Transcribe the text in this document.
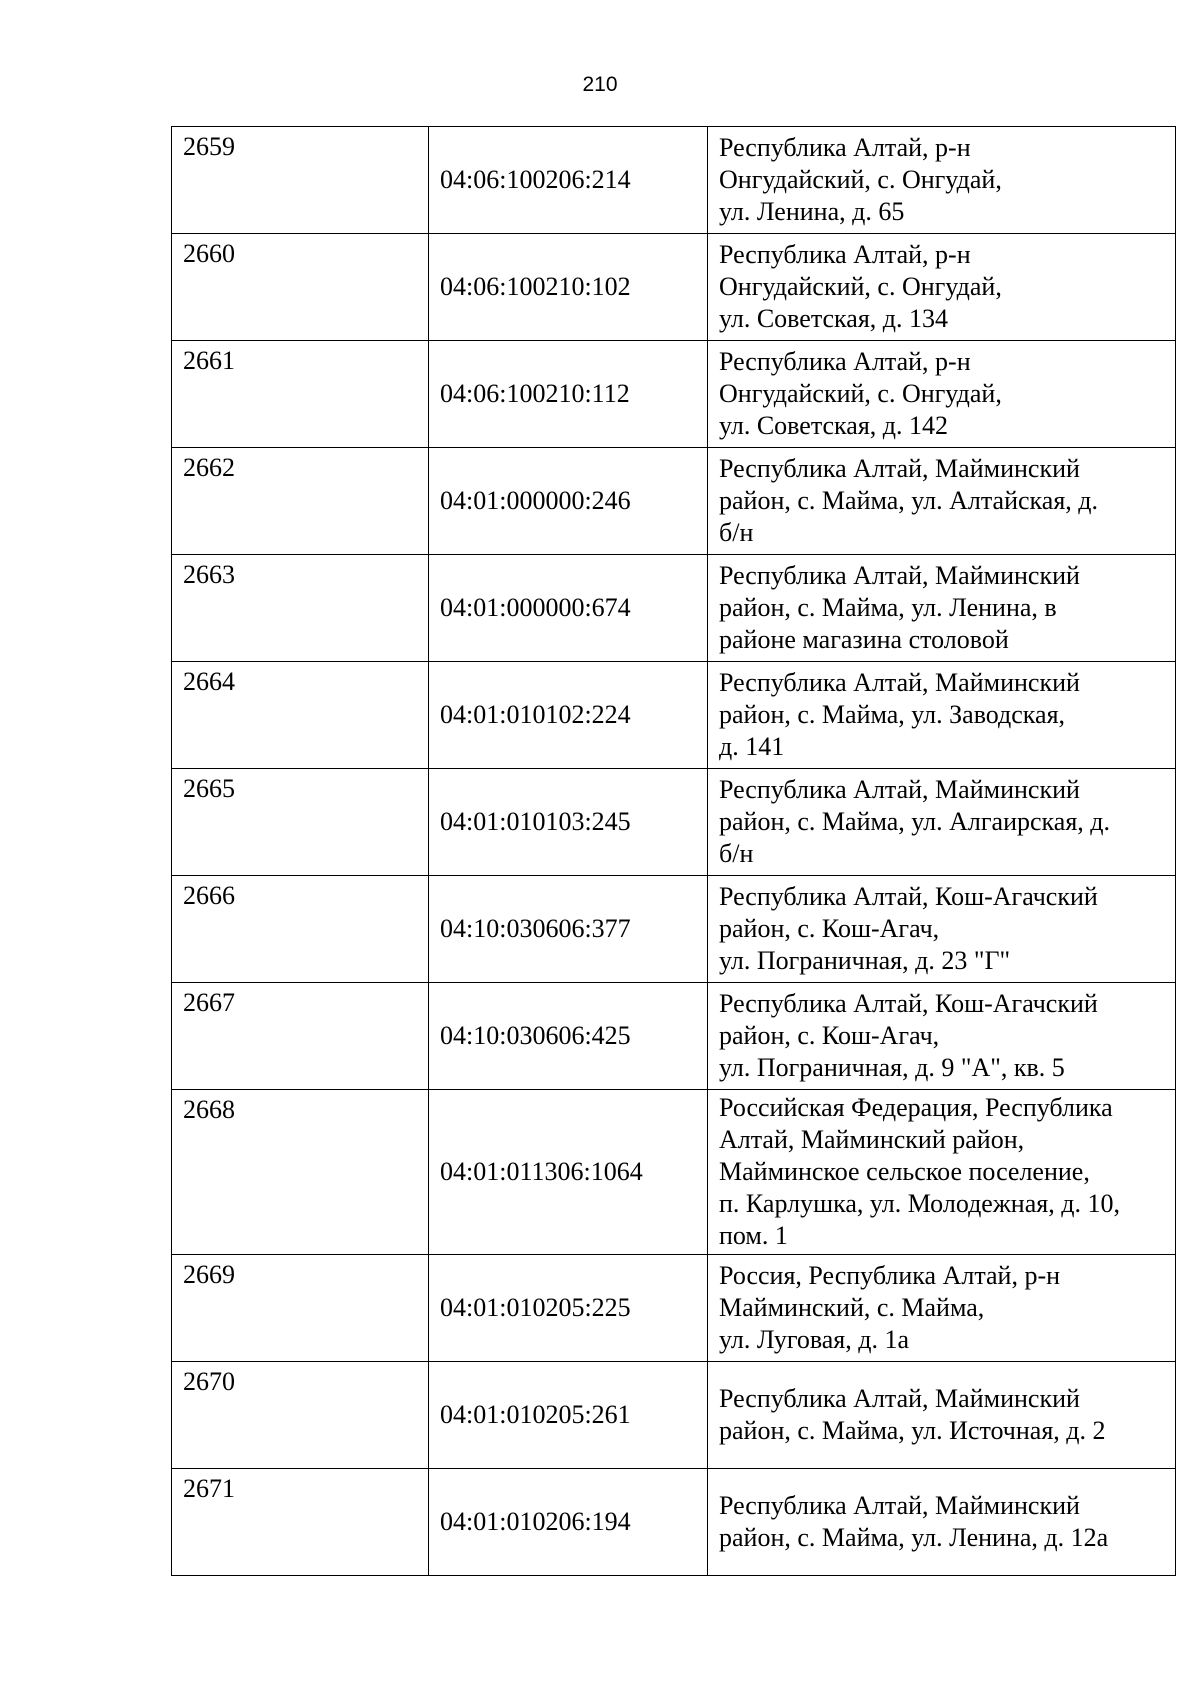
210
2659	04:06:100206:214	Республика Алтай, р-н
Онгудайский, с. Онгудай,
ул. Ленина, д. 65

2660	04:06:100210:102	Республика Алтай, р-н
Онгудайский, с. Онгудай,
ул. Советская, д. 134

2661	04:06:100210:112	Республика Алтай, р-н
Онгудайский, с. Онгудай,
ул. Советская, д. 142

2662	04:01:000000:246	Республика Алтай, Майминский
район, с. Майма, ул. Алтайская, д.
б/н

2663	04:01:000000:674	Республика Алтай, Майминский
район, с. Майма, ул. Ленина, в
районе магазина столовой

2664	04:01:010102:224	Республика Алтай, Майминский
район, с. Майма, ул. Заводская,
д. 141

2665	04:01:010103:245	Республика Алтай, Майминский
район, с. Майма, ул. Алгаирская, д.
б/н

2666	04:10:030606:377	Республика Алтай, Кош-Агачский
район, с. Кош-Агач,
ул. Пограничная, д. 23 "Г"

2667	04:10:030606:425	Республика Алтай, Кош-Агачский
район, с. Кош-Агач,
ул. Пограничная, д. 9 "А", кв. 5

2668	04:01:011306:1064	Российская Федерация, Республика
Алтай, Майминский район,
Майминское сельское поселение,
п. Карлушка, ул. Молодежная, д. 10,
пом. 1

2669	04:01:010205:225	Россия, Республика Алтай, р-н
Майминский, с. Майма,
ул. Луговая, д. 1а

2670	04:01:010205:261	Республика Алтай, Майминский
район, с. Майма, ул. Источная, д. 2

2671	04:01:010206:194	Республика Алтай, Майминский
район, с. Майма, ул. Ленина, д. 12а
